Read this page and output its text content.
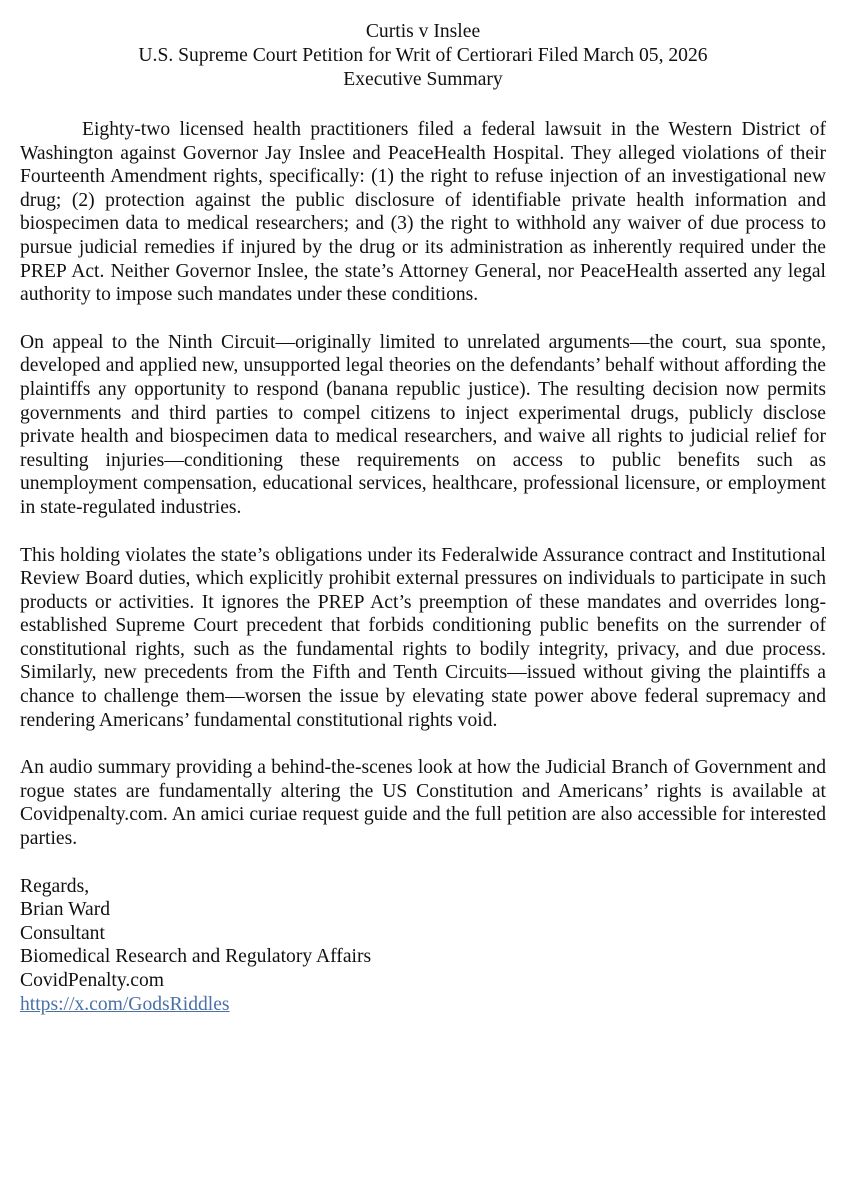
Curtis v Inslee
U.S. Supreme Court Petition for Writ of Certiorari Filed March 05, 2026
Executive Summary

Eighty-two licensed health practitioners filed a federal lawsuit in the Western District of Washington against Governor Jay Inslee and PeaceHealth Hospital. They alleged violations of their Fourteenth Amendment rights, specifically: (1) the right to refuse injection of an investigational new drug; (2) protection against the public disclosure of identifiable private health information and biospecimen data to medical researchers; and (3) the right to withhold any waiver of due process to pursue judicial remedies if injured by the drug or its administration as inherently required under the PREP Act. Neither Governor Inslee, the state’s Attorney General, nor PeaceHealth asserted any legal authority to impose such mandates under these conditions.

On appeal to the Ninth Circuit—originally limited to unrelated arguments—the court, sua sponte, developed and applied new, unsupported legal theories on the defendants’ behalf without affording the plaintiffs any opportunity to respond (banana republic justice). The resulting decision now permits governments and third parties to compel citizens to inject experimental drugs, publicly disclose private health and biospecimen data to medical researchers, and waive all rights to judicial relief for resulting injuries—conditioning these requirements on access to public benefits such as unemployment compensation, educational services, healthcare, professional licensure, or employment in state-regulated industries.

This holding violates the state’s obligations under its Federalwide Assurance contract and Institutional Review Board duties, which explicitly prohibit external pressures on individuals to participate in such products or activities. It ignores the PREP Act’s preemption of these mandates and overrides long-established Supreme Court precedent that forbids conditioning public benefits on the surrender of constitutional rights, such as the fundamental rights to bodily integrity, privacy, and due process. Similarly, new precedents from the Fifth and Tenth Circuits—issued without giving the plaintiffs a chance to challenge them—worsen the issue by elevating state power above federal supremacy and rendering Americans’ fundamental constitutional rights void.

An audio summary providing a behind-the-scenes look at how the Judicial Branch of Government and rogue states are fundamentally altering the US Constitution and Americans’ rights is available at Covidpenalty.com. An amici curiae request guide and the full petition are also accessible for interested parties.

Regards,
Brian Ward
Consultant
Biomedical Research and Regulatory Affairs
CovidPenalty.com
https://x.com/GodsRiddles
